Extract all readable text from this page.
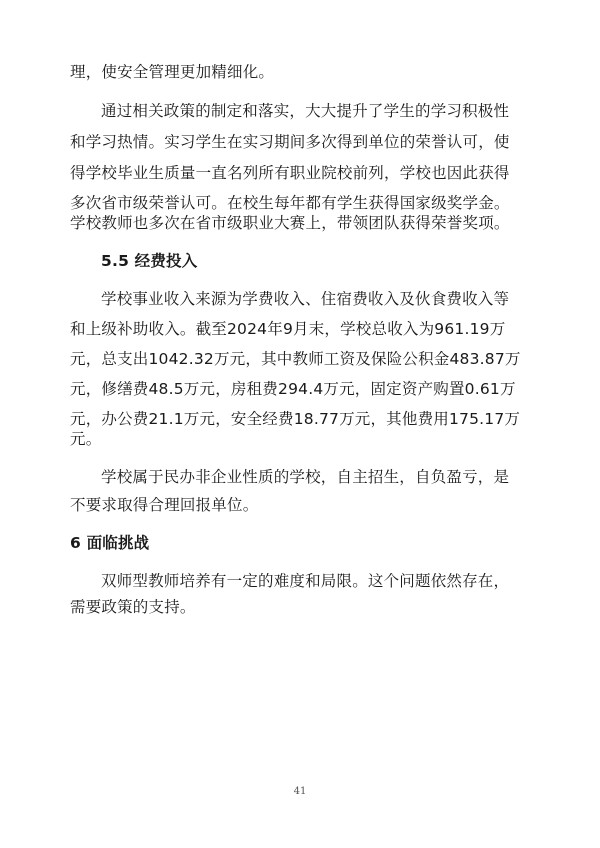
理，使安全管理更加精细化。
通过相关政策的制定和落实，大大提升了学生的学习积极性
和学习热情。实习学生在实习期间多次得到单位的荣誉认可，使
得学校毕业生质量一直名列所有职业院校前列，学校也因此获得
多次省市级荣誉认可。在校生每年都有学生获得国家级奖学金。
学校教师也多次在省市级职业大赛上，带领团队获得荣誉奖项。
5.5 经费投入
学校事业收入来源为学费收入、住宿费收入及伙食费收入等
和上级补助收入。截至2024年9月末，学校总收入为961.19万
元，总支出1042.32万元，其中教师工资及保险公积金483.87万
元，修缮费48.5万元，房租费294.4万元，固定资产购置0.61万
元，办公费21.1万元，安全经费18.77万元，其他费用175.17万
元。
学校属于民办非企业性质的学校，自主招生，自负盈亏，是
不要求取得合理回报单位。
6 面临挑战
双师型教师培养有一定的难度和局限。这个问题依然存在，
需要政策的支持。
41
